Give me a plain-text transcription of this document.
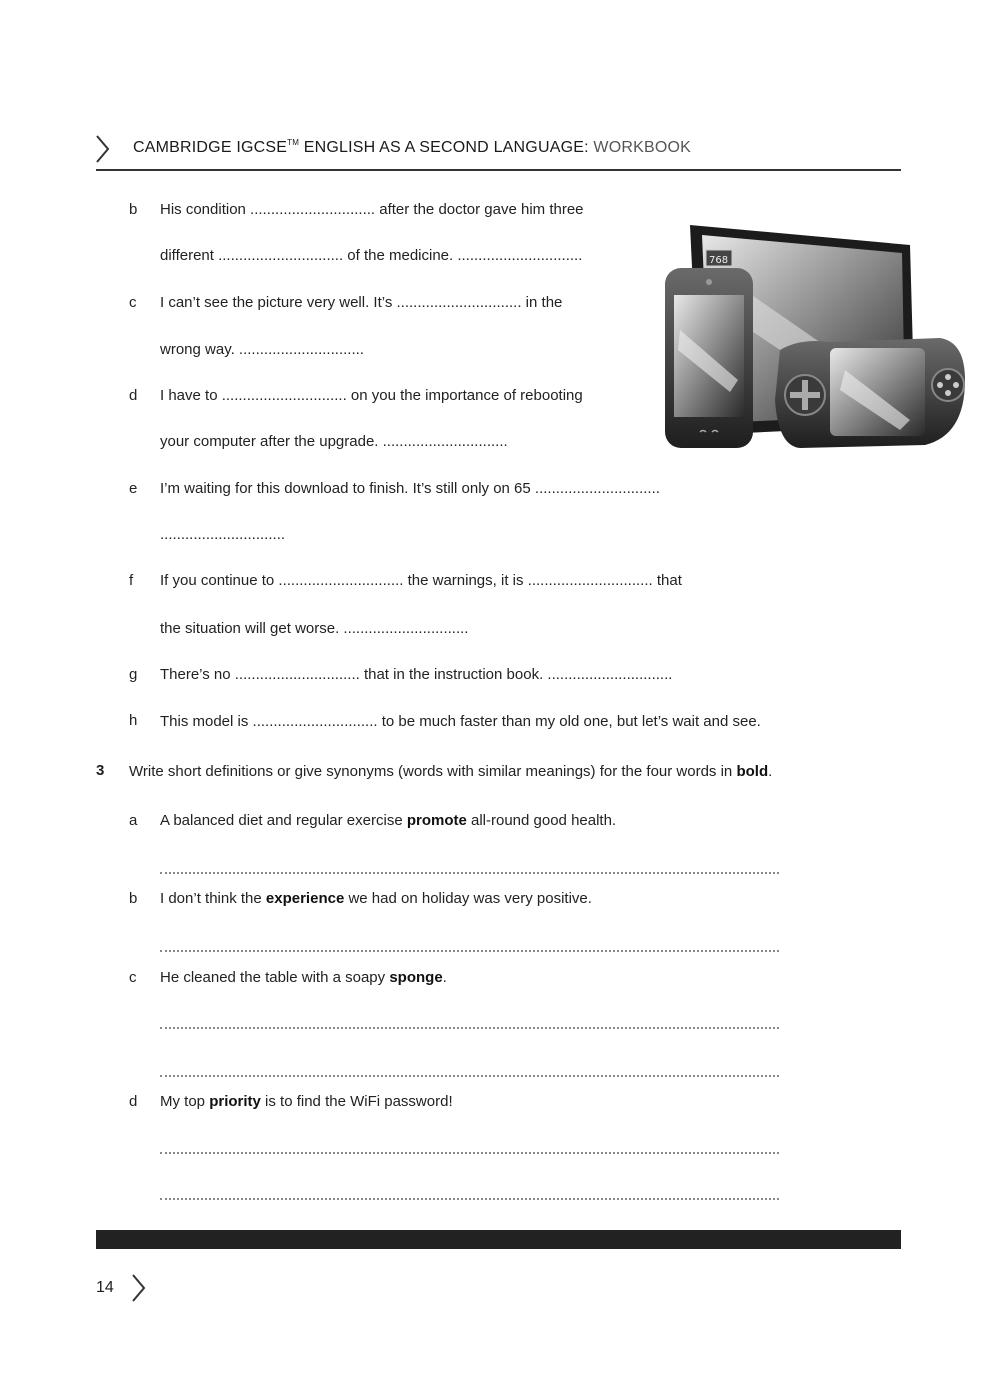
CAMBRIDGE IGCSE™ ENGLISH AS A SECOND LANGUAGE: WORKBOOK
b His condition .............................. after the doctor gave him three
different .............................. of the medicine. ..............................
c I can’t see the picture very well. It’s .............................. in the
wrong way. ..............................
d I have to .............................. on you the importance of rebooting
your computer after the upgrade. ..............................
e I’m waiting for this download to finish. It’s still only on 65 ..............................
..............................
f If you continue to .............................. the warnings, it is .............................. that
the situation will get worse. ..............................
g There’s no .............................. that in the instruction book. ..............................
h This model is .............................. to be much faster than my old one, but let’s wait and see.
3 Write short definitions or give synonyms (words with similar meanings) for the four words in bold.
a A balanced diet and regular exercise promote all-round good health.
b I don’t think the experience we had on holiday was very positive.
c He cleaned the table with a soapy sponge.
d My top priority is to find the WiFi password!
768
14
